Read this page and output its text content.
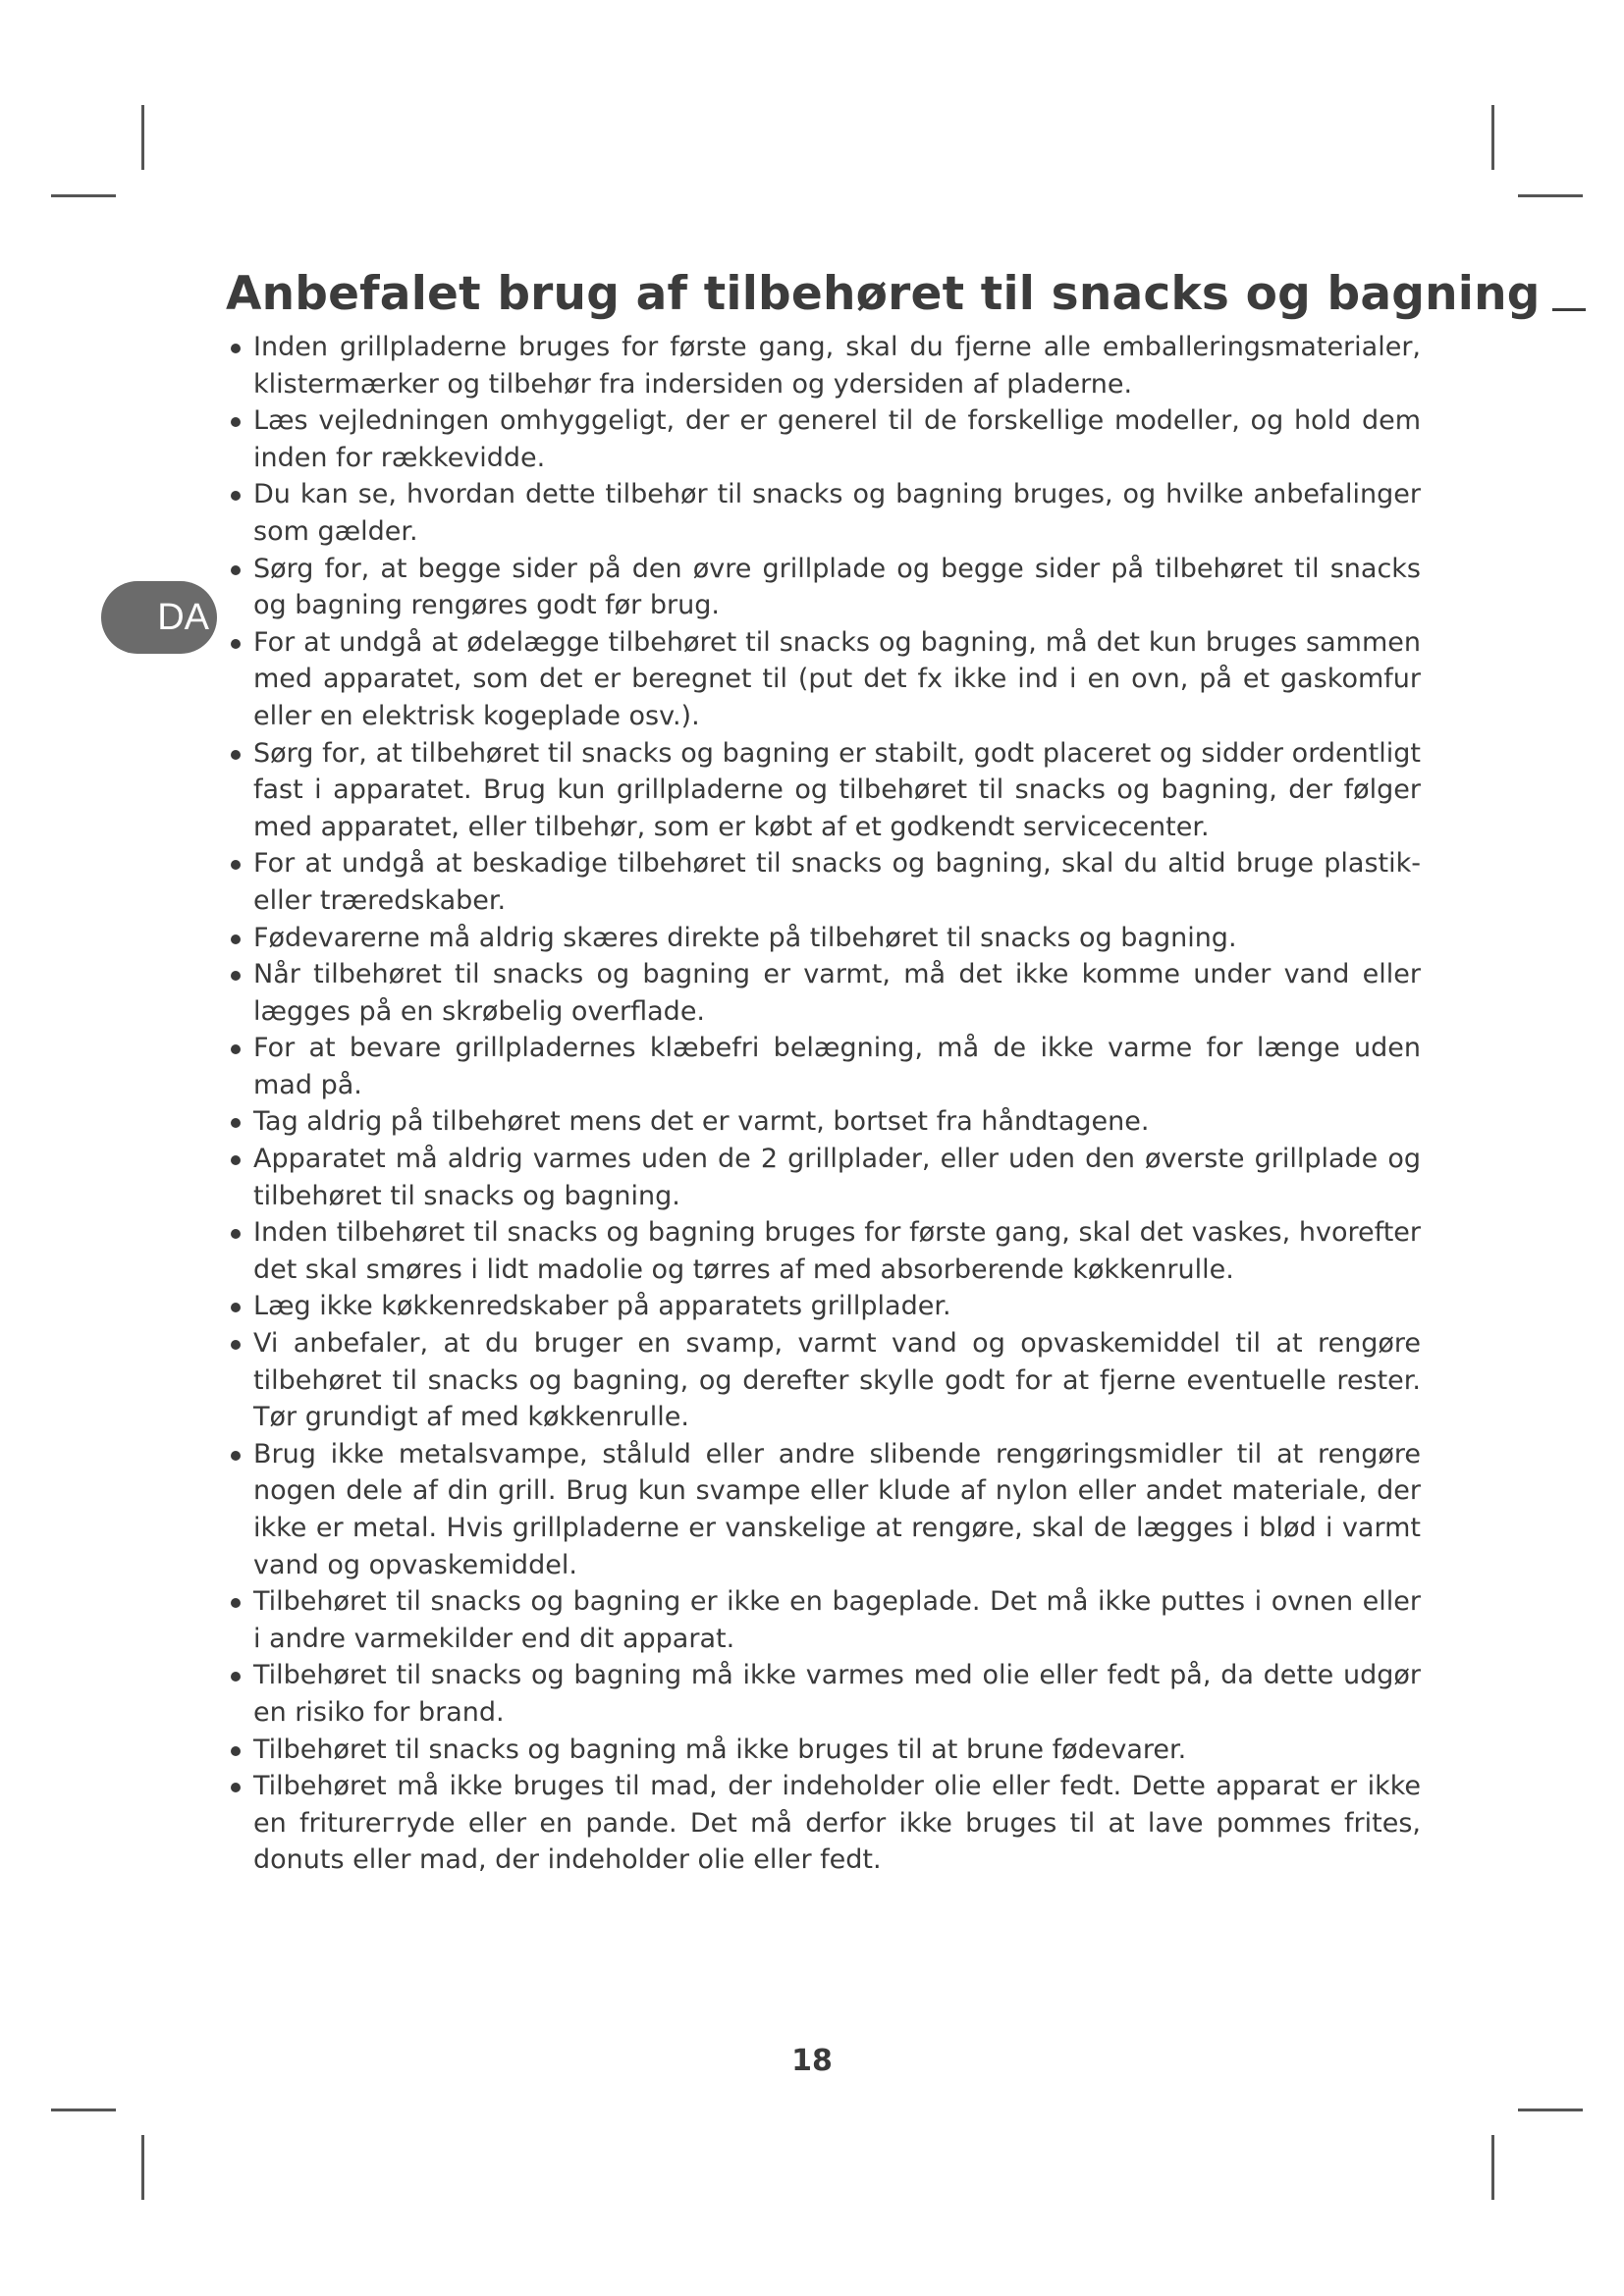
DA
Anbefalet brug af tilbehøret til snacks og bagning
Inden grillpladerne bruges for første gang, skal du fjerne alle emballeringsmaterialer, klistermærker og tilbehør fra indersiden og ydersiden af pladerne.
Læs vejledningen omhyggeligt, der er generel til de forskellige modeller, og hold dem inden for rækkevidde.
Du kan se, hvordan dette tilbehør til snacks og bagning bruges, og hvilke anbefalinger som gælder.
Sørg for, at begge sider på den øvre grillplade og begge sider på tilbehøret til snacks og bagning rengøres godt før brug.
For at undgå at ødelægge tilbehøret til snacks og bagning, må det kun bruges sammen med apparatet, som det er beregnet til (put det fx ikke ind i en ovn, på et gaskomfur eller en elektrisk kogeplade osv.).
Sørg for, at tilbehøret til snacks og bagning er stabilt, godt placeret og sidder ordentligt fast i apparatet. Brug kun grillpladerne og tilbehøret til snacks og bagning, der følger med apparatet, eller tilbehør, som er købt af et godkendt servicecenter.
For at undgå at beskadige tilbehøret til snacks og bagning, skal du altid bruge plastik- eller træredskaber.
Fødevarerne må aldrig skæres direkte på tilbehøret til snacks og bagning.
Når tilbehøret til snacks og bagning er varmt, må det ikke komme under vand eller lægges på en skrøbelig overflade.
For at bevare grillpladernes klæbefri belægning, må de ikke varme for længe uden mad på.
Tag aldrig på tilbehøret mens det er varmt, bortset fra håndtagene.
Apparatet må aldrig varmes uden de 2 grillplader, eller uden den øverste grillplade og tilbehøret til snacks og bagning.
Inden tilbehøret til snacks og bagning bruges for første gang, skal det vaskes, hvorefter det skal smøres i lidt madolie og tørres af med absorberende køkkenrulle.
Læg ikke køkkenredskaber på apparatets grillplader.
Vi anbefaler, at du bruger en svamp, varmt vand og opvaskemiddel til at rengøre tilbehøret til snacks og bagning, og derefter skylle godt for at fjerne eventuelle rester. Tør grundigt af med køkkenrulle.
Brug ikke metalsvampe, ståluld eller andre slibende rengøringsmidler til at rengøre nogen dele af din grill. Brug kun svampe eller klude af nylon eller andet materiale, der ikke er metal. Hvis grillpladerne er vanskelige at rengøre, skal de lægges i blød i varmt vand og opvaskemiddel.
Tilbehøret til snacks og bagning er ikke en bageplade. Det må ikke puttes i ovnen eller i andre varmekilder end dit apparat.
Tilbehøret til snacks og bagning må ikke varmes med olie eller fedt på, da dette udgør en risiko for brand.
Tilbehøret til snacks og bagning må ikke bruges til at brune fødevarer.
Tilbehøret må ikke bruges til mad, der indeholder olie eller fedt. Dette apparat er ikke en friturегryde eller en pande. Det må derfor ikke bruges til at lave pommes frites, donuts eller mad, der indeholder olie eller fedt.
18
